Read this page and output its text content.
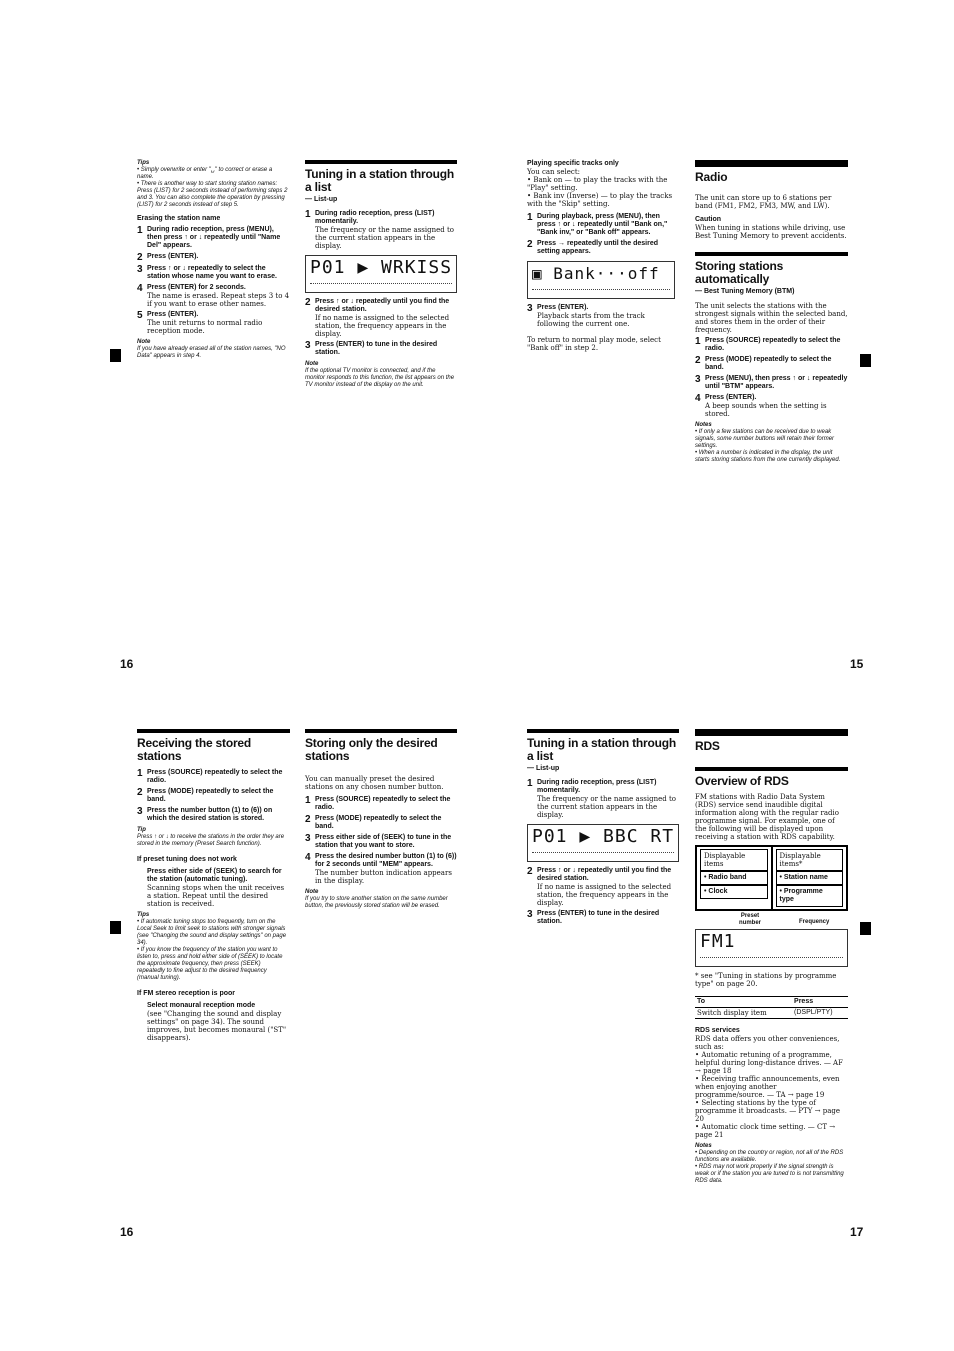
Tips
• Simply overwrite or enter "␣" to correct or erase a name.
• There is another way to start storing station names: Press (LIST) for 2 seconds instead of performing steps 2 and 3. You can also complete the operation by pressing (LIST) for 2 seconds instead of step 5.
Erasing the station name
1 During radio reception, press (MENU), then press ↑ or ↓ repeatedly until "Name Del" appears.
2 Press (ENTER).
3 Press ↑ or ↓ repeatedly to select the station whose name you want to erase.
4 Press (ENTER) for 2 seconds.
The name is erased. Repeat steps 3 to 4 if you want to erase other names.
5 Press (ENTER).
The unit returns to normal radio reception mode.
Note
If you have already erased all of the station names, "NO Data" appears in step 4.
Tuning in a station through a list
— List-up
1 During radio reception, press (LIST) momentarily.
The frequency or the name assigned to the current station appears in the display.
P01 ▶ WRKISS
2 Press ↑ or ↓ repeatedly until you find the desired station.
If no name is assigned to the selected station, the frequency appears in the display.
3 Press (ENTER) to tune in the desired station.
Note
If the optional TV monitor is connected, and if the monitor responds to this function, the list appears on the TV monitor instead of the display on the unit.
16
Playing specific tracks only
You can select:
• Bank on — to play the tracks with the "Play" setting.
• Bank inv (Inverse) — to play the tracks with the "Skip" setting.
1 During playback, press (MENU), then press ↑ or ↓ repeatedly until "Bank on," "Bank inv," or "Bank off" appears.
2 Press → repeatedly until the desired setting appears.
▣ Bank···off
3 Press (ENTER).
Playback starts from the track following the current one.
To return to normal play mode, select "Bank off" in step 2.
Radio
The unit can store up to 6 stations per band (FM1, FM2, FM3, MW, and LW).
Caution
When tuning in stations while driving, use Best Tuning Memory to prevent accidents.
Storing stations automatically
— Best Tuning Memory (BTM)
The unit selects the stations with the strongest signals within the selected band, and stores them in the order of their frequency.
1 Press (SOURCE) repeatedly to select the radio.
2 Press (MODE) repeatedly to select the band.
3 Press (MENU), then press ↑ or ↓ repeatedly until "BTM" appears.
4 Press (ENTER).
A beep sounds when the setting is stored.
Notes
• If only a few stations can be received due to weak signals, some number buttons will retain their former settings.
• When a number is indicated in the display, the unit starts storing stations from the one currently displayed.
15
Receiving the stored stations
1 Press (SOURCE) repeatedly to select the radio.
2 Press (MODE) repeatedly to select the band.
3 Press the number button (1) to (6)) on which the desired station is stored.
Tip
Press ↑ or ↓ to receive the stations in the order they are stored in the memory (Preset Search function).
If preset tuning does not work
Press either side of (SEEK) to search for the station (automatic tuning).
Scanning stops when the unit receives a station. Repeat until the desired station is received.
Tips
• If automatic tuning stops too frequently, turn on the Local Seek to limit seek to stations with stronger signals (see "Changing the sound and display settings" on page 34).
• If you know the frequency of the station you want to listen to, press and hold either side of (SEEK) to locate the approximate frequency, then press (SEEK) repeatedly to fine adjust to the desired frequency (manual tuning).
If FM stereo reception is poor
Select monaural reception mode
(see "Changing the sound and display settings" on page 34). The sound improves, but becomes monaural ("ST" disappears).
Storing only the desired stations
You can manually preset the desired stations on any chosen number button.
1 Press (SOURCE) repeatedly to select the radio.
2 Press (MODE) repeatedly to select the band.
3 Press either side of (SEEK) to tune in the station that you want to store.
4 Press the desired number button (1) to (6)) for 2 seconds until "MEM" appears.
The number button indication appears in the display.
Note
If you try to store another station on the same number button, the previously stored station will be erased.
16
Tuning in a station through a list
— List-up
1 During radio reception, press (LIST) momentarily.
The frequency or the name assigned to the current station appears in the display.
P01 ▶ BBC RT
2 Press ↑ or ↓ repeatedly until you find the desired station.
If no name is assigned to the selected station, the frequency appears in the display.
3 Press (ENTER) to tune in the desired station.
RDS
Overview of RDS
FM stations with Radio Data System (RDS) service send inaudible digital information along with the regular radio programme signal. For example, one of the following will be displayed upon receiving a station with RDS capability.
Displayable items
• Radio band
• Clock
Displayable items*
• Station name
• Programme type
Preset number	Frequency
FM1
* see "Tuning in stations by programme type" on page 20.
To	Press
Switch display item	(DSPL/PTY)
RDS services
RDS data offers you other conveniences, such as:
• Automatic retuning of a programme, helpful during long-distance drives. — AF → page 18
• Receiving traffic announcements, even when enjoying another programme/source. — TA → page 19
• Selecting stations by the type of programme it broadcasts. — PTY → page 20
• Automatic clock time setting. — CT → page 21
Notes
• Depending on the country or region, not all of the RDS functions are available.
• RDS may not work properly if the signal strength is weak or if the station you are tuned to is not transmitting RDS data.
17
